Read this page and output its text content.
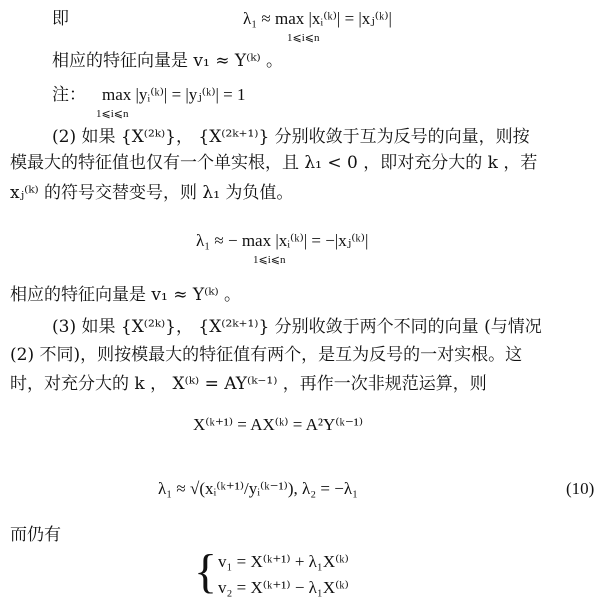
即	λ₁ ≈ max |xᵢ⁽ᵏ⁾| = |xⱼ⁽ᵏ⁾|
1⩽i⩽n
相应的特征向量是 v₁ ≈ Y⁽ᵏ⁾ 。
注： max |yᵢ⁽ᵏ⁾| = |yⱼ⁽ᵏ⁾| = 1
1⩽i⩽n
(2) 如果 {X⁽²ᵏ⁾}， {X⁽²ᵏ⁺¹⁾} 分别收敛于互为反号的向量，则按
模最大的特征值也仅有一个单实根，且 λ₁ < 0 ，即对充分大的 k ，若
xⱼ⁽ᵏ⁾ 的符号交替变号，则 λ₁ 为负值。
λ₁ ≈ − max |xᵢ⁽ᵏ⁾| = −|xⱼ⁽ᵏ⁾|
1⩽i⩽n
相应的特征向量是 v₁ ≈ Y⁽ᵏ⁾ 。
(3) 如果 {X⁽²ᵏ⁾}， {X⁽²ᵏ⁺¹⁾} 分别收敛于两个不同的向量 (与情况
(2) 不同)，则按模最大的特征值有两个，是互为反号的一对实根。这
时，对充分大的 k ， X⁽ᵏ⁾ = AY⁽ᵏ⁻¹⁾ ，再作一次非规范运算，则
X⁽ᵏ⁺¹⁾ = AX⁽ᵏ⁾ = A²Y⁽ᵏ⁻¹⁾
λ₁ ≈ √(xᵢ⁽ᵏ⁺¹⁾/yᵢ⁽ᵏ⁻¹⁾), λ₂ = −λ₁	(10)
而仍有
{ v₁ = X⁽ᵏ⁺¹⁾ + λ₁X⁽ᵏ⁾
v₂ = X⁽ᵏ⁺¹⁾ − λ₁X⁽ᵏ⁾
